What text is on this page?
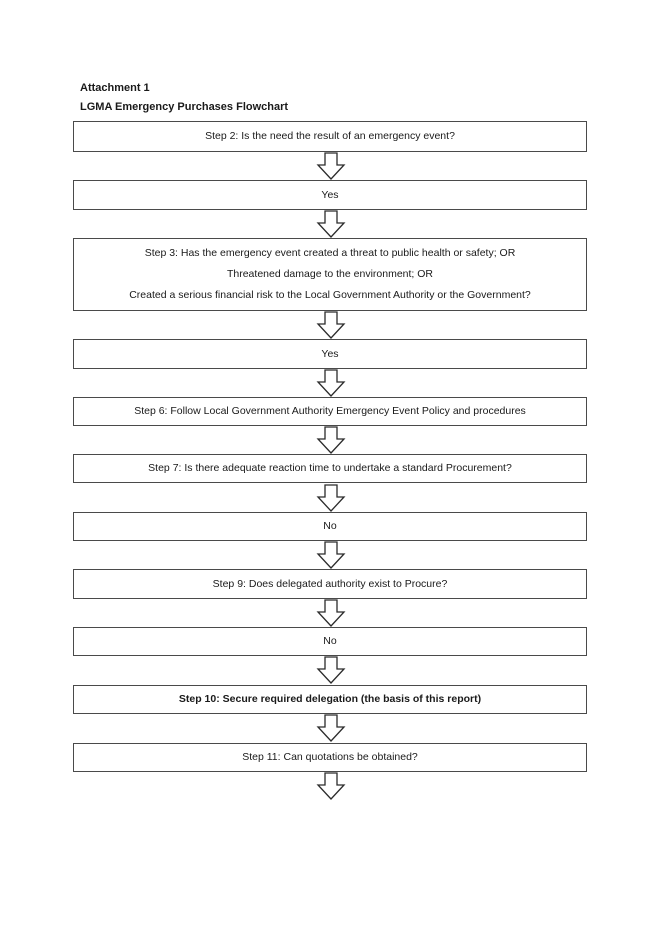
Attachment 1
LGMA Emergency Purchases Flowchart
Step 2: Is the need the result of an emergency event?
Yes
Step 3: Has the emergency event created a threat to public health or safety; OR
Threatened damage to the environment; OR
Created a serious financial risk to the Local Government Authority or the Government?
Yes
Step 6: Follow Local Government Authority Emergency Event Policy and procedures
Step 7: Is there adequate reaction time to undertake a standard Procurement?
No
Step 9: Does delegated authority exist to Procure?
No
Step 10: Secure required delegation (the basis of this report)
Step 11: Can quotations be obtained?
